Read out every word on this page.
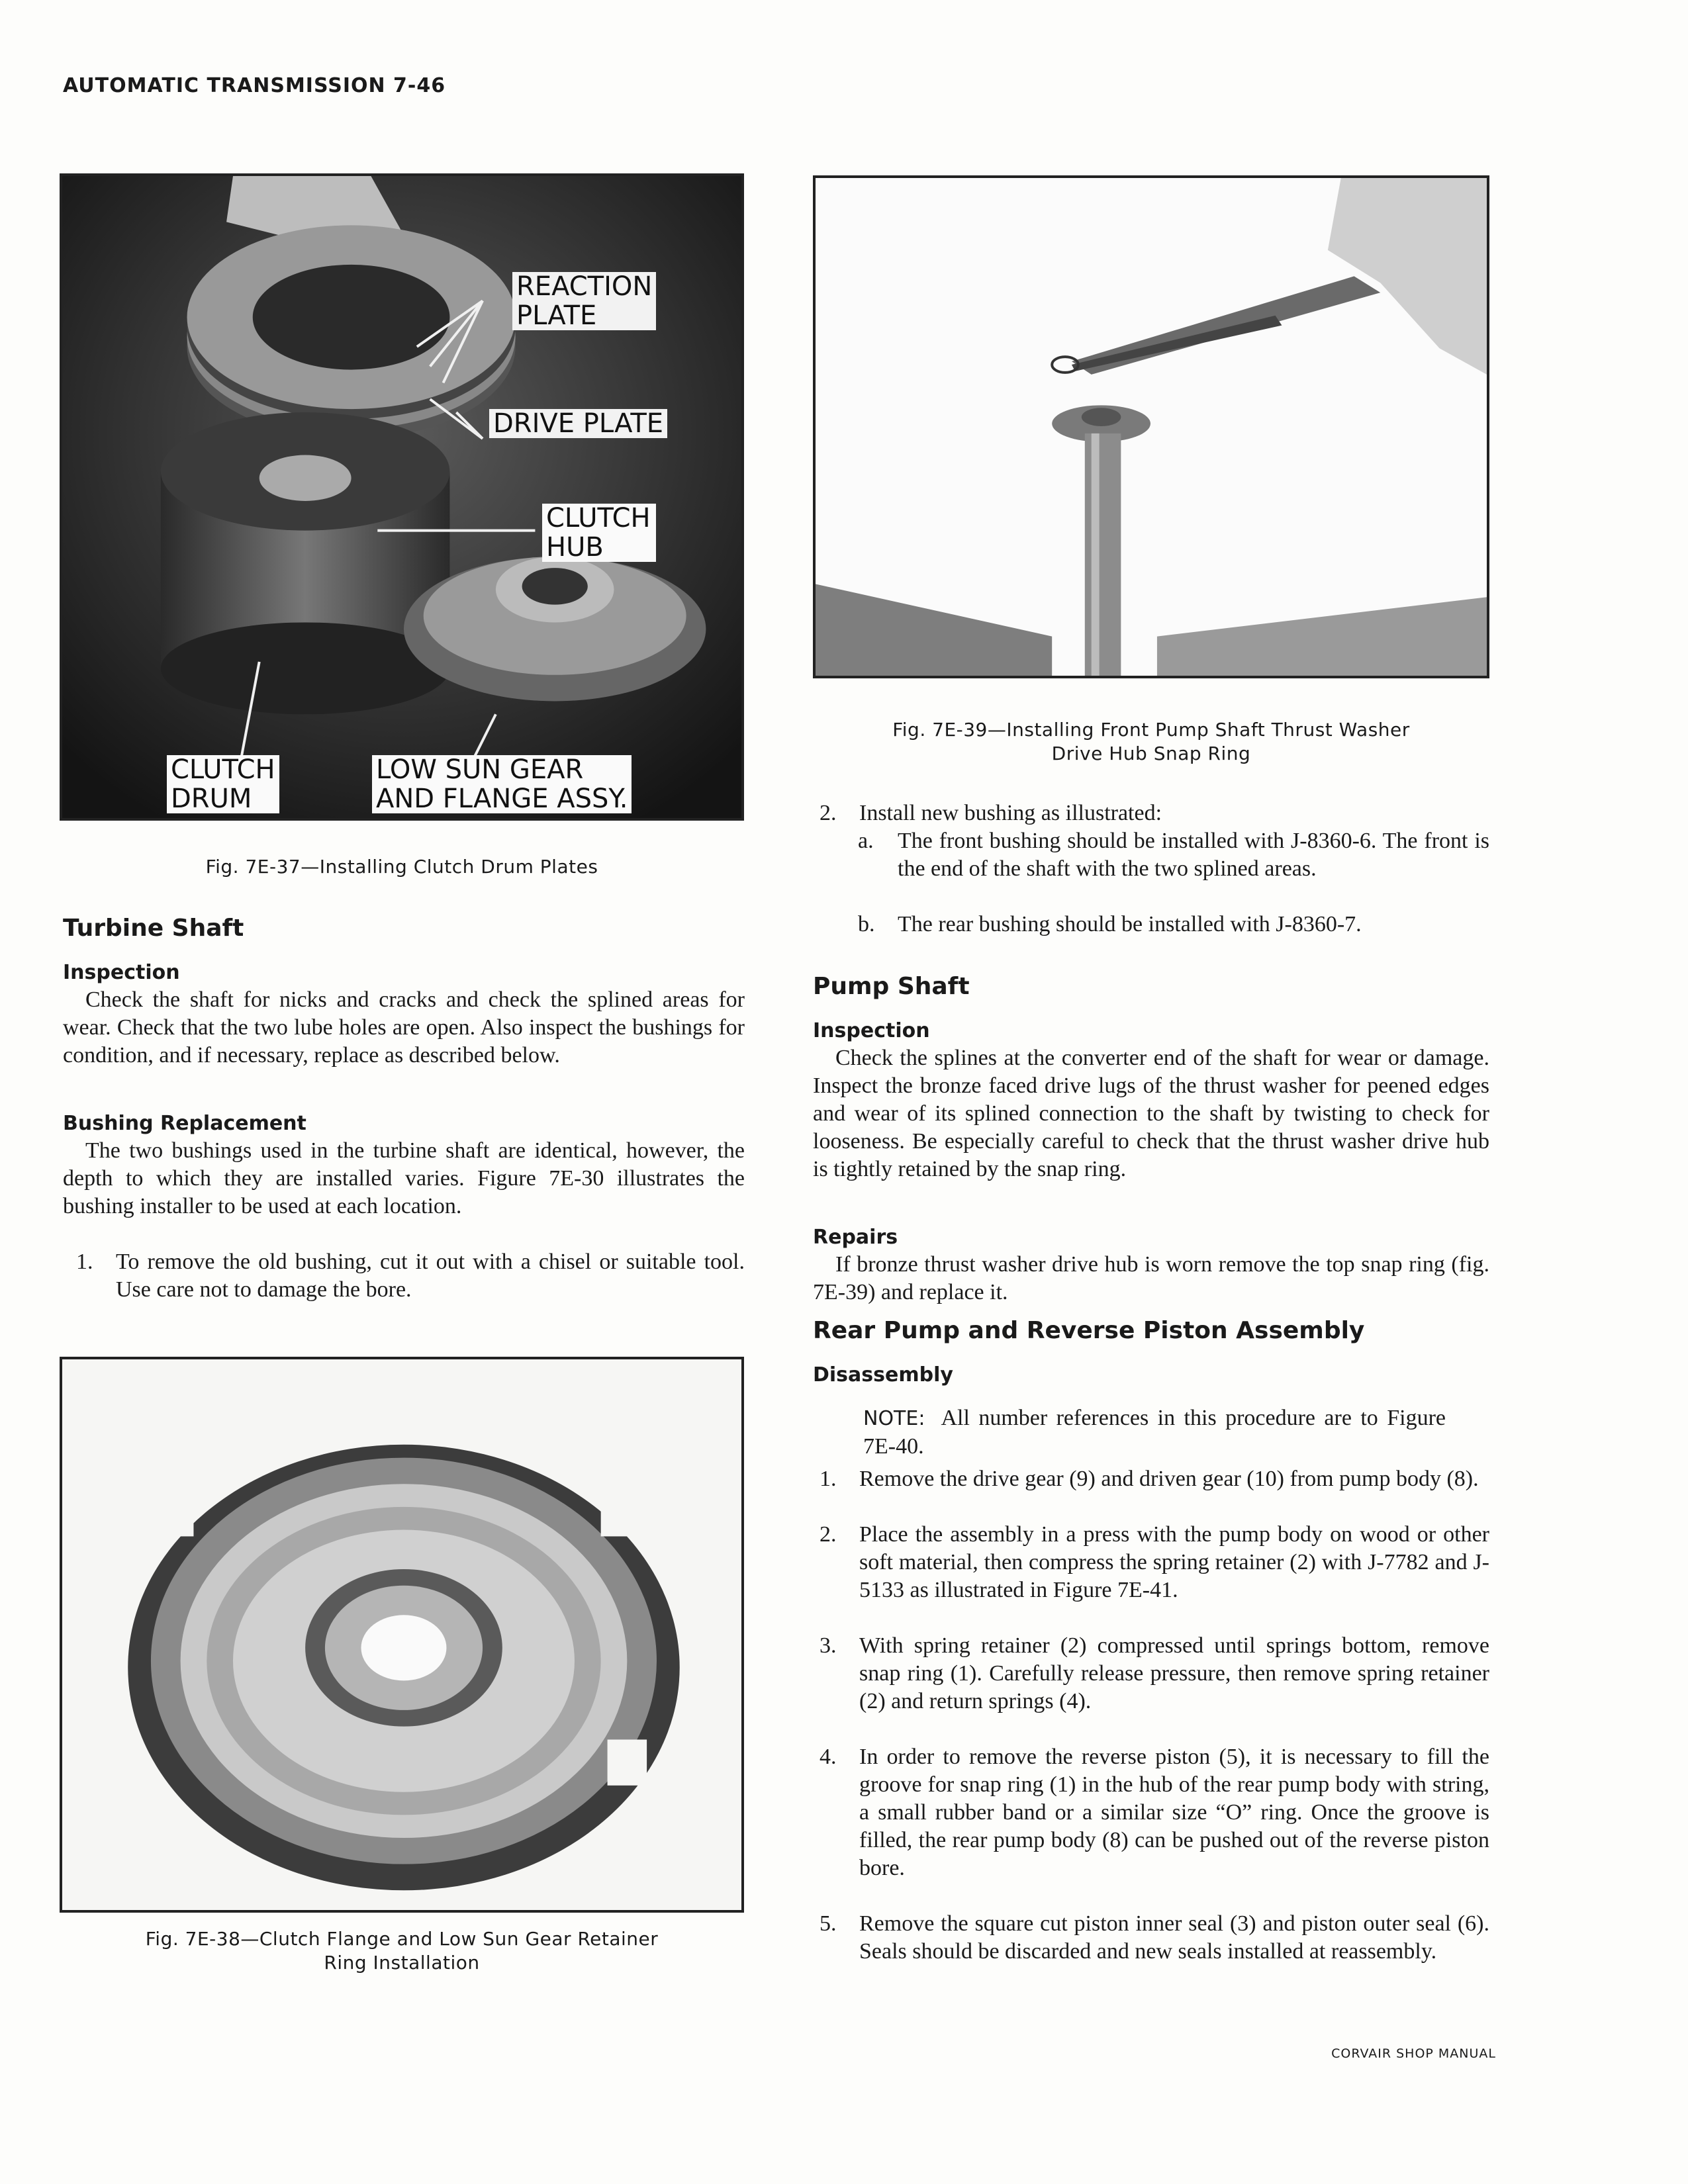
AUTOMATIC TRANSMISSION 7-46
REACTION
PLATE
DRIVE PLATE
CLUTCH
HUB
CLUTCH
DRUM
LOW SUN GEAR
AND FLANGE ASSY.
Fig. 7E-37—Installing Clutch Drum Plates
Turbine Shaft
Inspection
Check the shaft for nicks and cracks and check the splined areas for wear. Check that the two lube holes are open. Also inspect the bushings for condition, and if necessary, replace as described below.
Bushing Replacement
The two bushings used in the turbine shaft are identical, however, the depth to which they are installed varies. Figure 7E-30 illustrates the bushing installer to be used at each location.
1. To remove the old bushing, cut it out with a chisel or suitable tool. Use care not to damage the bore.
Fig. 7E-38—Clutch Flange and Low Sun Gear Retainer
Ring Installation
Fig. 7E-39—Installing Front Pump Shaft Thrust Washer
Drive Hub Snap Ring
2. Install new bushing as illustrated:
a. The front bushing should be installed with J-8360-6. The front is the end of the shaft with the two splined areas.
b. The rear bushing should be installed with J-8360-7.
Pump Shaft
Inspection
Check the splines at the converter end of the shaft for wear or damage. Inspect the bronze faced drive lugs of the thrust washer for peened edges and wear of its splined connection to the shaft by twisting to check for looseness. Be especially careful to check that the thrust washer drive hub is tightly retained by the snap ring.
Repairs
If bronze thrust washer drive hub is worn remove the top snap ring (fig. 7E-39) and replace it.
Rear Pump and Reverse Piston Assembly
Disassembly
NOTE: All number references in this procedure are to Figure 7E-40.
1. Remove the drive gear (9) and driven gear (10) from pump body (8).
2. Place the assembly in a press with the pump body on wood or other soft material, then compress the spring retainer (2) with J-7782 and J-5133 as illustrated in Figure 7E-41.
3. With spring retainer (2) compressed until springs bottom, remove snap ring (1). Carefully release pressure, then remove spring retainer (2) and return springs (4).
4. In order to remove the reverse piston (5), it is necessary to fill the groove for snap ring (1) in the hub of the rear pump body with string, a small rubber band or a similar size “O” ring. Once the groove is filled, the rear pump body (8) can be pushed out of the reverse piston bore.
5. Remove the square cut piston inner seal (3) and piston outer seal (6). Seals should be discarded and new seals installed at reassembly.
CORVAIR SHOP MANUAL
